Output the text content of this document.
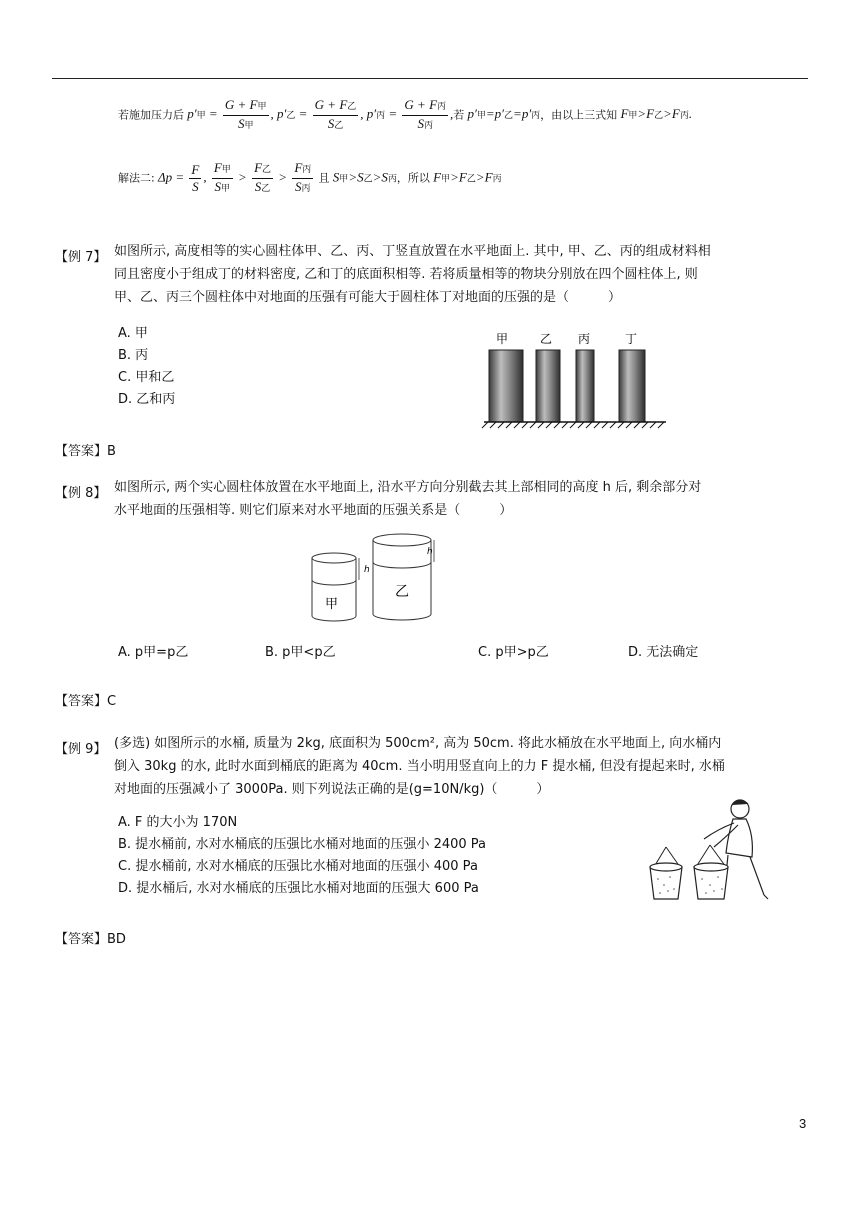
若施加压力后 p′甲 = $\frac{\text{G + F甲}}{\text{S甲}}$ , p′乙 = $\frac{\text{G + F乙}}{\text{S乙}}$ , p′丙 = $\frac{\text{G + F丙}}{\text{S丙}}$ ,若 p′甲=p′乙=p′丙，由以上三式知 F甲>F乙>F丙.
解法二: $\Delta p = \frac{F}{S}$ , $\frac{\text{F甲}}{\text{S甲}} > \frac{\text{F乙}}{\text{S乙}} > \frac{\text{F丙}}{\text{S丙}}$ 且 S甲>S乙>S丙，所以 F甲>F乙>F丙
【例 7】 如图所示, 高度相等的实心圆柱体甲、乙、丙、丁竖直放置在水平地面上. 其中, 甲、乙、丙的组成材料相
同且密度小于组成丁的材料密度, 乙和丁的底面积相等. 若将质量相等的物块分别放在四个圆柱体上, 则
甲、乙、丙三个圆柱体中对地面的压强有可能大于圆柱体丁对地面的压强的是（　　　）
A. 甲
B. 丙
C. 甲和乙
D. 乙和丙
甲	乙 丙	丁
【答案】B
【例 8】 如图所示, 两个实心圆柱体放置在水平地面上, 沿水平方向分别截去其上部相同的高度 h 后, 剩余部分对
水平地面的压强相等. 则它们原来对水平地面的压强关系是（　　　）
h
甲
h
乙
A. p甲=p乙	B. p甲<p乙	C. p甲>p乙	D. 无法确定
【答案】C
【例 9】 (多选) 如图所示的水桶, 质量为 2kg, 底面积为 500cm², 高为 50cm. 将此水桶放在水平地面上, 向水桶内
倒入 30kg 的水, 此时水面到桶底的距离为 40cm. 当小明用竖直向上的力 F 提水桶, 但没有提起来时, 水桶
对地面的压强减小了 3000Pa. 则下列说法正确的是(g=10N/kg)（　　　）
A. F 的大小为 170N
B. 提水桶前, 水对水桶底的压强比水桶对地面的压强小 2400 Pa
C. 提水桶前, 水对水桶底的压强比水桶对地面的压强小 400 Pa
D. 提水桶后, 水对水桶底的压强比水桶对地面的压强大 600 Pa
【答案】BD
3
